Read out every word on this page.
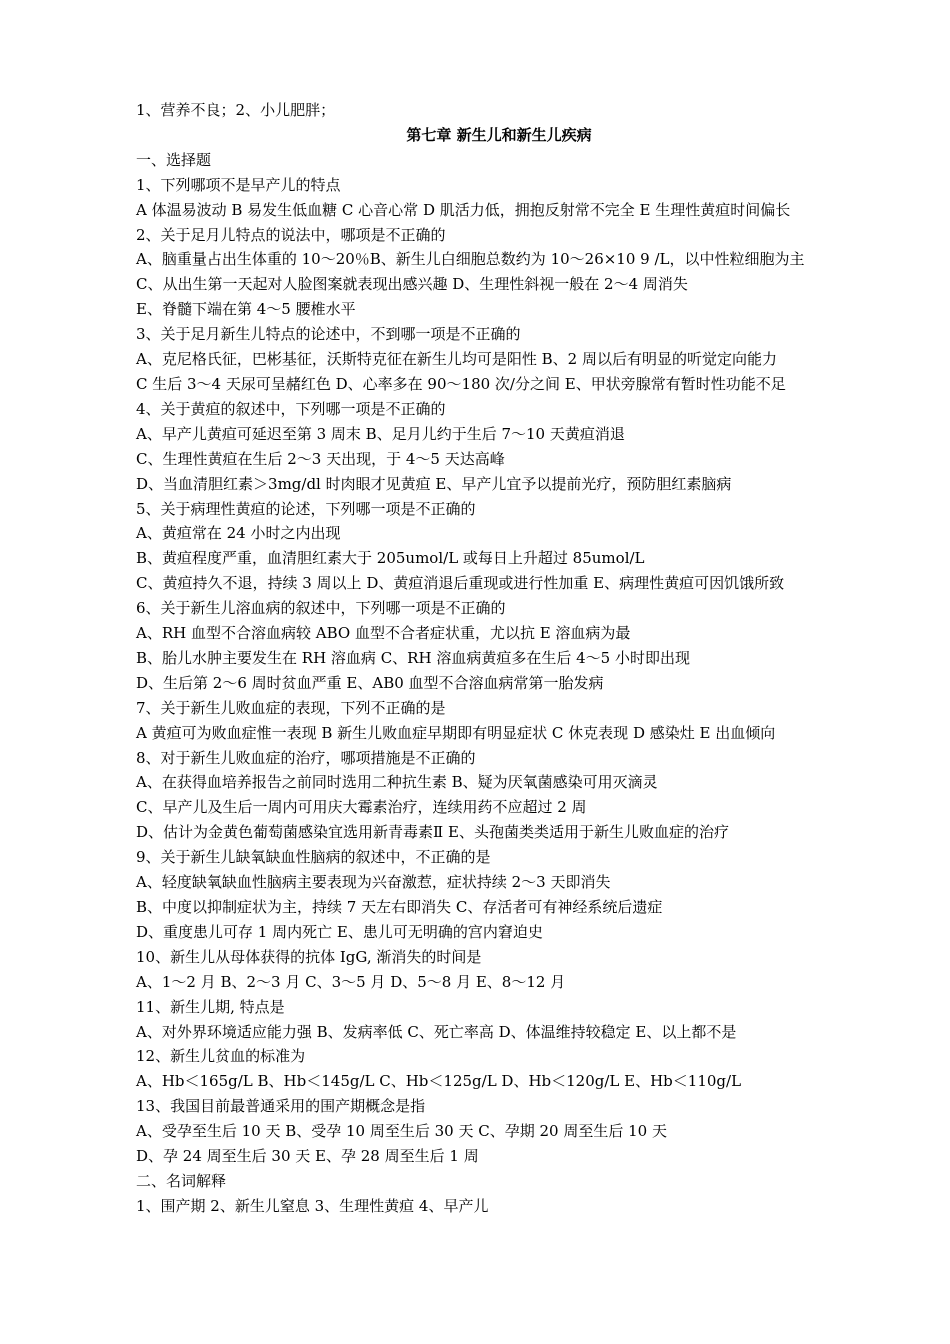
1、营养不良；2、小儿肥胖；

第七章 新生儿和新生儿疾病

一、选择题

1、下列哪项不是早产儿的特点

A 体温易波动 B 易发生低血糖 C 心音心常 D 肌活力低，拥抱反射常不完全 E 生理性黄疸时间偏长

2、关于足月儿特点的说法中，哪项是不正确的

A、脑重量占出生体重的 10～20％B、新生儿白细胞总数约为 10～26×10 9 /L，以中性粒细胞为主

C、从出生第一天起对人脸图案就表现出感兴趣 D、生理性斜视一般在 2～4 周消失

E、脊髓下端在第 4～5 腰椎水平

3、关于足月新生儿特点的论述中，不到哪一项是不正确的

A、克尼格氏征，巴彬基征，沃斯特克征在新生儿均可是阳性 B、2 周以后有明显的听觉定向能力

C 生后 3～4 天尿可呈赭红色 D、心率多在 90～180 次/分之间 E、甲状旁腺常有暂时性功能不足

4、关于黄疸的叙述中，下列哪一项是不正确的

A、早产儿黄疸可延迟至第 3 周末 B、足月儿约于生后 7～10 天黄疸消退

C、生理性黄疸在生后 2～3 天出现，于 4～5 天达高峰

D、当血清胆红素＞3mg/dl 时肉眼才见黄疸 E、早产儿宜予以提前光疗，预防胆红素脑病

5、关于病理性黄疸的论述，下列哪一项是不正确的

A、黄疸常在 24 小时之内出现

B、黄疸程度严重，血清胆红素大于 205umol/L 或每日上升超过 85umol/L

C、黄疸持久不退，持续 3 周以上 D、黄疸消退后重现或进行性加重 E、病理性黄疸可因饥饿所致

6、关于新生儿溶血病的叙述中，下列哪一项是不正确的

A、RH 血型不合溶血病较 ABO 血型不合者症状重，尤以抗 E 溶血病为最

B、胎儿水肿主要发生在 RH 溶血病 C、RH 溶血病黄疸多在生后 4～5 小时即出现

D、生后第 2～6 周时贫血严重 E、AB0 血型不合溶血病常第一胎发病

7、关于新生儿败血症的表现，下列不正确的是

A 黄疸可为败血症惟一表现 B 新生儿败血症早期即有明显症状 C 休克表现 D 感染灶 E 出血倾向

8、对于新生儿败血症的治疗，哪项措施是不正确的

A、在获得血培养报告之前同时选用二种抗生素 B、疑为厌氧菌感染可用灭滴灵

C、早产儿及生后一周内可用庆大霉素治疗，连续用药不应超过 2 周

D、估计为金黄色葡萄菌感染宜选用新青毒素Ⅱ E、头孢菌类类适用于新生儿败血症的治疗

9、关于新生儿缺氧缺血性脑病的叙述中，不正确的是

A、轻度缺氧缺血性脑病主要表现为兴奋激惹，症状持续 2～3 天即消失

B、中度以抑制症状为主，持续 7 天左右即消失 C、存活者可有神经系统后遗症

D、重度患儿可存 1 周内死亡 E、患儿可无明确的宫内窘迫史

10、新生儿从母体获得的抗体 IgG, 渐消失的时间是

A、1～2 月 B、2～3 月 C、3～5 月 D、5～8 月 E、8～12 月

11、新生儿期, 特点是

A、对外界环境适应能力强 B、发病率低 C、死亡率高 D、体温维持较稳定 E、以上都不是

12、新生儿贫血的标准为

A、Hb＜165g/L B、Hb＜145g/L C、Hb＜125g/L D、Hb＜120g/L E、Hb＜110g/L

13、我国目前最普通采用的围产期概念是指

A、受孕至生后 10 天 B、受孕 10 周至生后 30 天 C、孕期 20 周至生后 10 天

D、孕 24 周至生后 30 天 E、孕 28 周至生后 1 周

二、名词解释

1、围产期 2、新生儿窒息 3、生理性黄疸 4、早产儿
